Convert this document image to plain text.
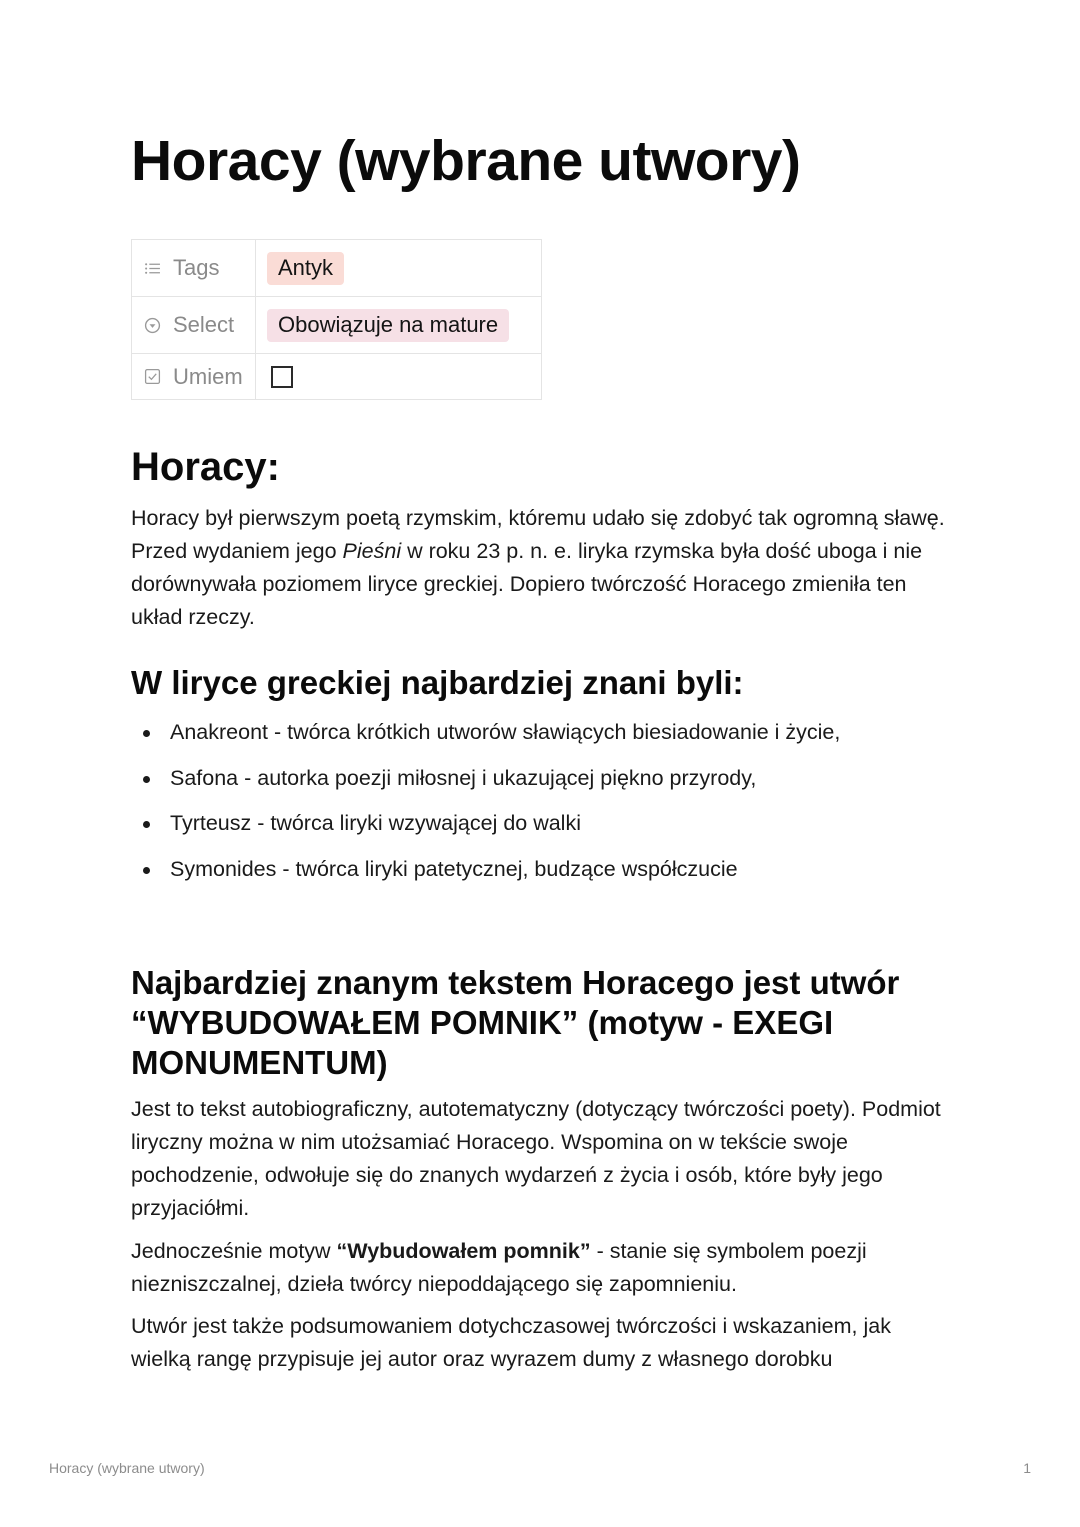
Horacy (wybrane utwory)
Tags	Antyk

Select	Obowiązuje na mature

Umiem	

Horacy:

Horacy był pierwszym poetą rzymskim, któremu udało się zdobyć tak ogromną sławę. Przed wydaniem jego Pieśni w roku 23 p. n. e. liryka rzymska była dość uboga i nie dorównywała poziomem liryce greckiej. Dopiero twórczość Horacego zmieniła ten układ rzeczy.

W liryce greckiej najbardziej znani byli:
Anakreont - twórca krótkich utworów sławiących biesiadowanie i życie,
Safona - autorka poezji miłosnej i ukazującej piękno przyrody,
Tyrteusz - twórca liryki wzywającej do walki
Symonides - twórca liryki patetycznej, budzące współczucie
Najbardziej znanym tekstem Horacego jest utwór “WYBUDOWAŁEM POMNIK” (motyw - EXEGI MONUMENTUM)

Jest to tekst autobiograficzny, autotematyczny (dotyczący twórczości poety). Podmiot liryczny można w nim utożsamiać Horacego. Wspomina on w tekście swoje pochodzenie, odwołuje się do znanych wydarzeń z życia i osób, które były jego przyjaciółmi.

Jednocześnie motyw “Wybudowałem pomnik” - stanie się symbolem poezji niezniszczalnej, dzieła twórcy niepoddającego się zapomnieniu.

Utwór jest także podsumowaniem dotychczasowej twórczości i wskazaniem, jak wielką rangę przypisuje jej autor oraz wyrazem dumy z własnego dorobku

Horacy (wybrane utwory)	1
